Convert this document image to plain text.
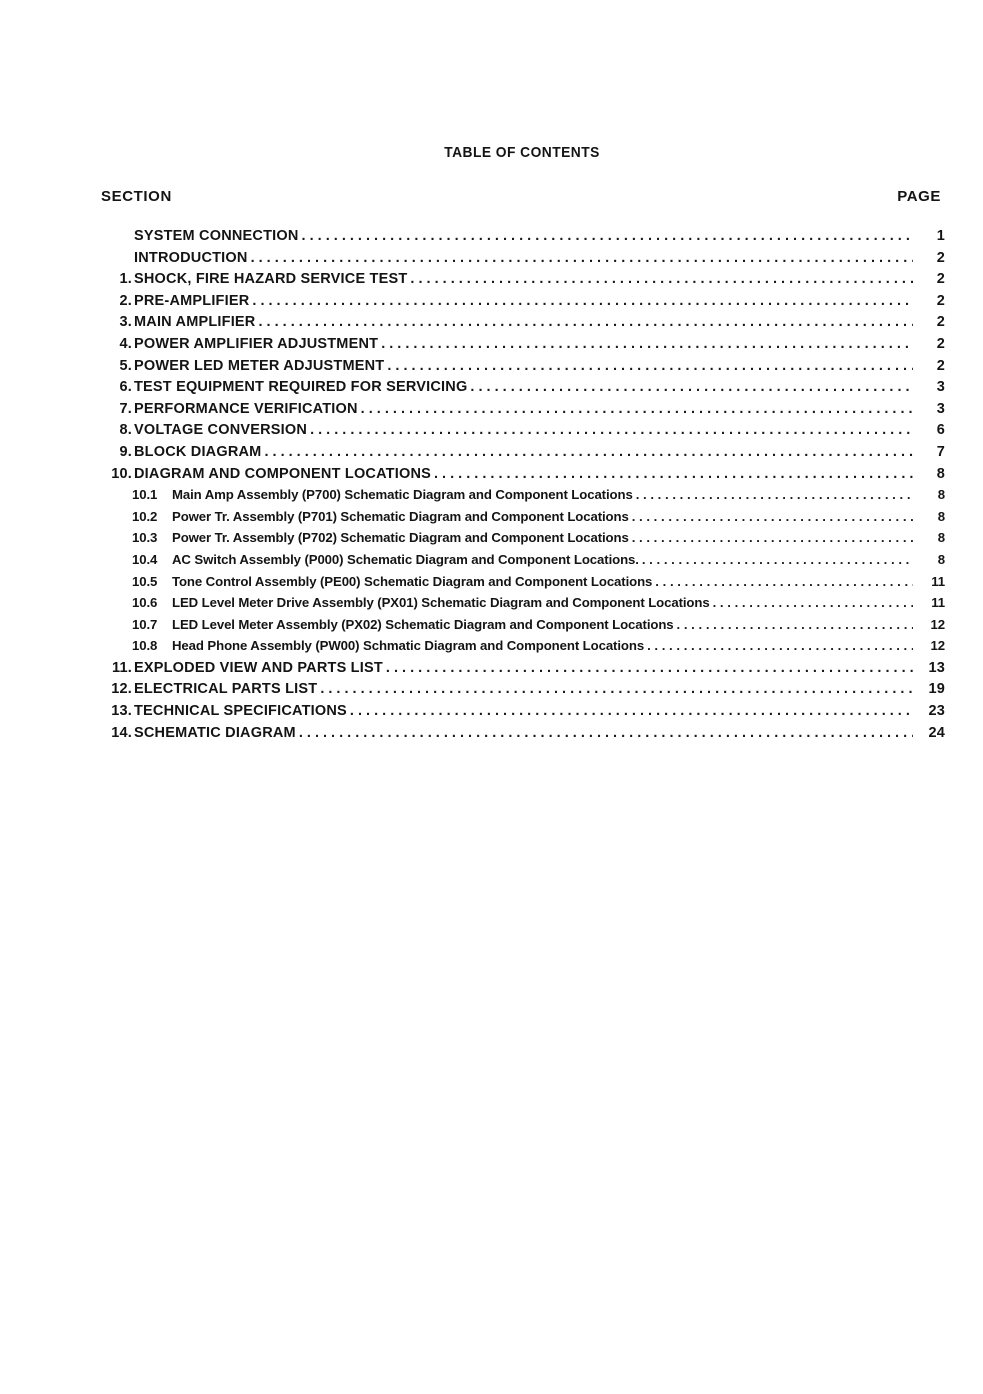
TABLE OF CONTENTS
SECTION	PAGE
SYSTEM CONNECTION . . .	1
INTRODUCTION . . .	2
1. SHOCK, FIRE HAZARD SERVICE TEST . . .	2
2. PRE-AMPLIFIER . . .	2
3. MAIN AMPLIFIER . . .	2
4. POWER AMPLIFIER ADJUSTMENT . . .	2
5. POWER LED METER ADJUSTMENT . . .	2
6. TEST EQUIPMENT REQUIRED FOR SERVICING . . .	3
7. PERFORMANCE VERIFICATION . . .	3
8. VOLTAGE CONVERSION . . .	6
9. BLOCK DIAGRAM . . .	7
10. DIAGRAM AND COMPONENT LOCATIONS . . .	8
10.1	Main Amp Assembly (P700) Schematic Diagram and Component Locations . . .	8
10.2	Power Tr. Assembly (P701) Schematic Diagram and Component Locations . . .	8
10.3	Power Tr. Assembly (P702) Schematic Diagram and Component Locations . . .	8
10.4	AC Switch Assembly (P000) Schematic Diagram and Component Locations. . . .	8
10.5	Tone Control Assembly (PE00) Schematic Diagram and Component Locations . . .	11
10.6	LED Level Meter Drive Assembly (PX01) Schematic Diagram and Component Locations . . .	11
10.7	LED Level Meter Assembly (PX02) Schematic Diagram and Component Locations . . .	12
10.8	Head Phone Assembly (PW00) Schmatic Diagram and Component Locations . . .	12
11. EXPLODED VIEW AND PARTS LIST . . .	13
12. ELECTRICAL PARTS LIST . . .	19
13. TECHNICAL SPECIFICATIONS . . .	23
14. SCHEMATIC DIAGRAM . . .	24
